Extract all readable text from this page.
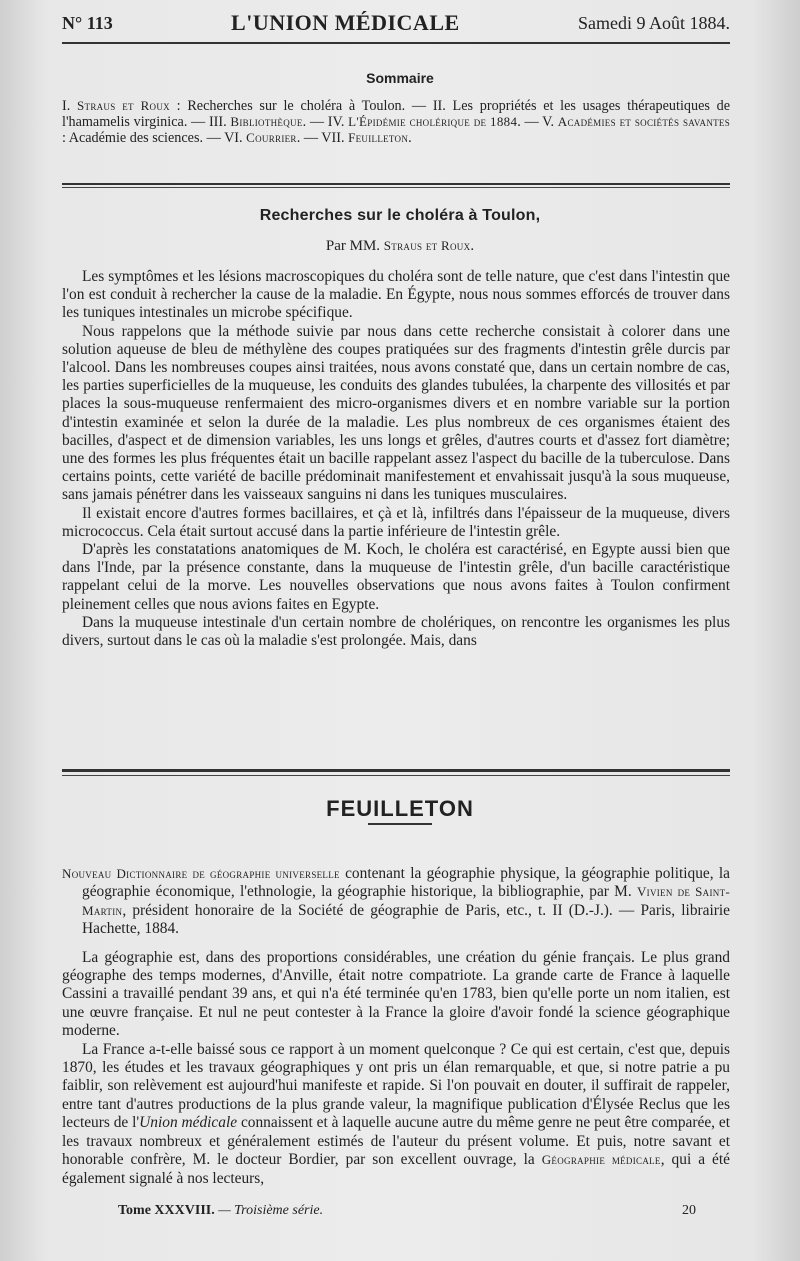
N° 113	L'UNION MÉDICALE	Samedi 9 Août 1884.
Sommaire
I. Straus et Roux : Recherches sur le choléra à Toulon. — II. Les propriétés et les usages thérapeutiques de l'hamamelis virginica. — III. Bibliothèque. — IV. L'Épidémie cholérique de 1884. — V. Académies et sociétés savantes : Académie des sciences. — VI. Courrier. — VII. Feuilleton.
Recherches sur le choléra à Toulon,
Par MM. Straus et Roux.

Les symptômes et les lésions macroscopiques du choléra sont de telle nature, que c'est dans l'intestin que l'on est conduit à rechercher la cause de la maladie. En Égypte, nous nous sommes efforcés de trouver dans les tuniques intestinales un microbe spécifique.

Nous rappelons que la méthode suivie par nous dans cette recherche consistait à colorer dans une solution aqueuse de bleu de méthylène des coupes pratiquées sur des fragments d'intestin grêle durcis par l'alcool. Dans les nombreuses coupes ainsi traitées, nous avons constaté que, dans un certain nombre de cas, les parties superficielles de la muqueuse, les conduits des glandes tubulées, la charpente des villosités et par places la sous-muqueuse renfermaient des micro-organismes divers et en nombre variable sur la portion d'intestin examinée et selon la durée de la maladie. Les plus nombreux de ces organismes étaient des bacilles, d'aspect et de dimension variables, les uns longs et grêles, d'autres courts et d'assez fort diamètre; une des formes les plus fréquentes était un bacille rappelant assez l'aspect du bacille de la tuberculose. Dans certains points, cette variété de bacille prédominait manifestement et envahissait jusqu'à la sous muqueuse, sans jamais pénétrer dans les vaisseaux sanguins ni dans les tuniques musculaires.

Il existait encore d'autres formes bacillaires, et çà et là, infiltrés dans l'épaisseur de la muqueuse, divers micrococcus. Cela était surtout accusé dans la partie inférieure de l'intestin grêle.

D'après les constatations anatomiques de M. Koch, le choléra est caractérisé, en Egypte aussi bien que dans l'Inde, par la présence constante, dans la muqueuse de l'intestin grêle, d'un bacille caractéristique rappelant celui de la morve. Les nouvelles observations que nous avons faites à Toulon confirment pleinement celles que nous avions faites en Egypte.

Dans la muqueuse intestinale d'un certain nombre de cholériques, on rencontre les organismes les plus divers, surtout dans le cas où la maladie s'est prolongée. Mais, dans

FEUILLETON

Nouveau Dictionnaire de géographie universelle contenant la géographie physique, la géographie politique, la géographie économique, l'ethnologie, la géographie historique, la bibliographie, par M. Vivien de Saint-Martin, président honoraire de la Société de géographie de Paris, etc., t. II (D.-J.). — Paris, librairie Hachette, 1884.

La géographie est, dans des proportions considérables, une création du génie français. Le plus grand géographe des temps modernes, d'Anville, était notre compatriote. La grande carte de France à laquelle Cassini a travaillé pendant 39 ans, et qui n'a été terminée qu'en 1783, bien qu'elle porte un nom italien, est une œuvre française. Et nul ne peut contester à la France la gloire d'avoir fondé la science géographique moderne.

La France a-t-elle baissé sous ce rapport à un moment quelconque ? Ce qui est certain, c'est que, depuis 1870, les études et les travaux géographiques y ont pris un élan remarquable, et que, si notre patrie a pu faiblir, son relèvement est aujourd'hui manifeste et rapide. Si l'on pouvait en douter, il suffirait de rappeler, entre tant d'autres productions de la plus grande valeur, la magnifique publication d'Élysée Reclus que les lecteurs de l'Union médicale connaissent et à laquelle aucune autre du même genre ne peut être comparée, et les travaux nombreux et généralement estimés de l'auteur du présent volume. Et puis, notre savant et honorable confrère, M. le docteur Bordier, par son excellent ouvrage, la Géographie médicale, qui a été également signalé à nos lecteurs,

Tome XXXVIII. — Troisième série.	20
